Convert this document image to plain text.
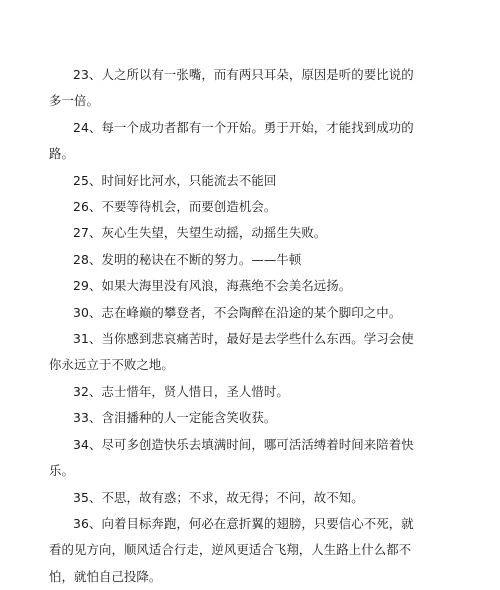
23、人之所以有一张嘴，而有两只耳朵，原因是听的要比说的多一倍。

24、每一个成功者都有一个开始。勇于开始，才能找到成功的路。

25、时间好比河水，只能流去不能回

26、不要等待机会，而要创造机会。

27、灰心生失望，失望生动摇，动摇生失败。

28、发明的秘诀在不断的努力。——牛顿

29、如果大海里没有风浪，海燕绝不会美名远扬。

30、志在峰巅的攀登者，不会陶醉在沿途的某个脚印之中。

31、当你感到悲哀痛苦时，最好是去学些什么东西。学习会使你永远立于不败之地。

32、志士惜年，贤人惜日，圣人惜时。

33、含泪播种的人一定能含笑收获。

34、尽可多创造快乐去填满时间，哪可活活缚着时间来陪着快乐。

35、不思，故有惑；不求，故无得；不问，故不知。

36、向着目标奔跑，何必在意折翼的翅膀，只要信心不死，就看的见方向，顺风适合行走，逆风更适合飞翔，人生路上什么都不怕，就怕自己投降。
